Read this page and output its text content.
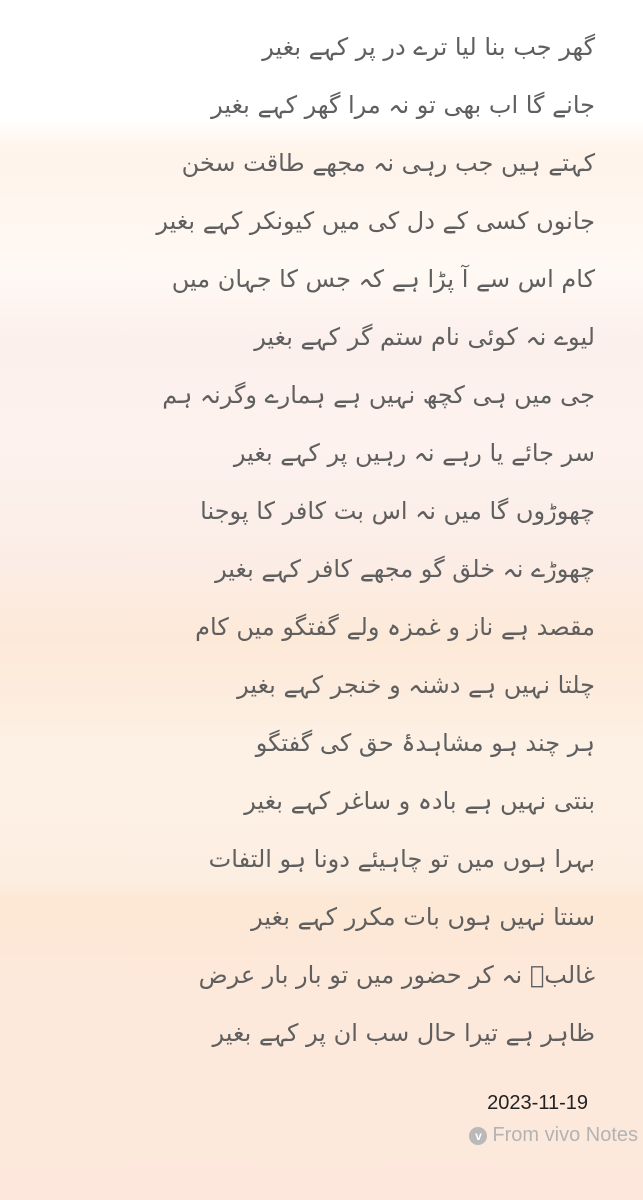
گھر جب بنا لیا ترے در پر کہے بغیر
جانے گا اب بھی تو نہ مرا گھر کہے بغیر
کہتے ہیں جب رہی نہ مجھے طاقت سخن
جانوں کسی کے دل کی میں کیونکر کہے بغیر
کام اس سے آ پڑا ہے کہ جس کا جہان میں
لیوے نہ کوئی نام ستم گر کہے بغیر
جی میں ہی کچھ نہیں ہے ہمارے وگرنہ ہم
سر جائے یا رہے نہ رہیں پر کہے بغیر
چھوڑوں گا میں نہ اس بت کافر کا پوجنا
چھوڑے نہ خلق گو مجھے کافر کہے بغیر
مقصد ہے ناز و غمزہ ولے گفتگو میں کام
چلتا نہیں ہے دشنہ و خنجر کہے بغیر
ہر چند ہو مشاہدۂ حق کی گفتگو
بنتی نہیں ہے بادہ و ساغر کہے بغیر
بہرا ہوں میں تو چاہیئے دونا ہو التفات
سنتا نہیں ہوں بات مکرر کہے بغیر
غالبؔ نہ کر حضور میں تو بار بار عرض
ظاہر ہے تیرا حال سب ان پر کہے بغیر
2023-11-19
v From vivo Notes
